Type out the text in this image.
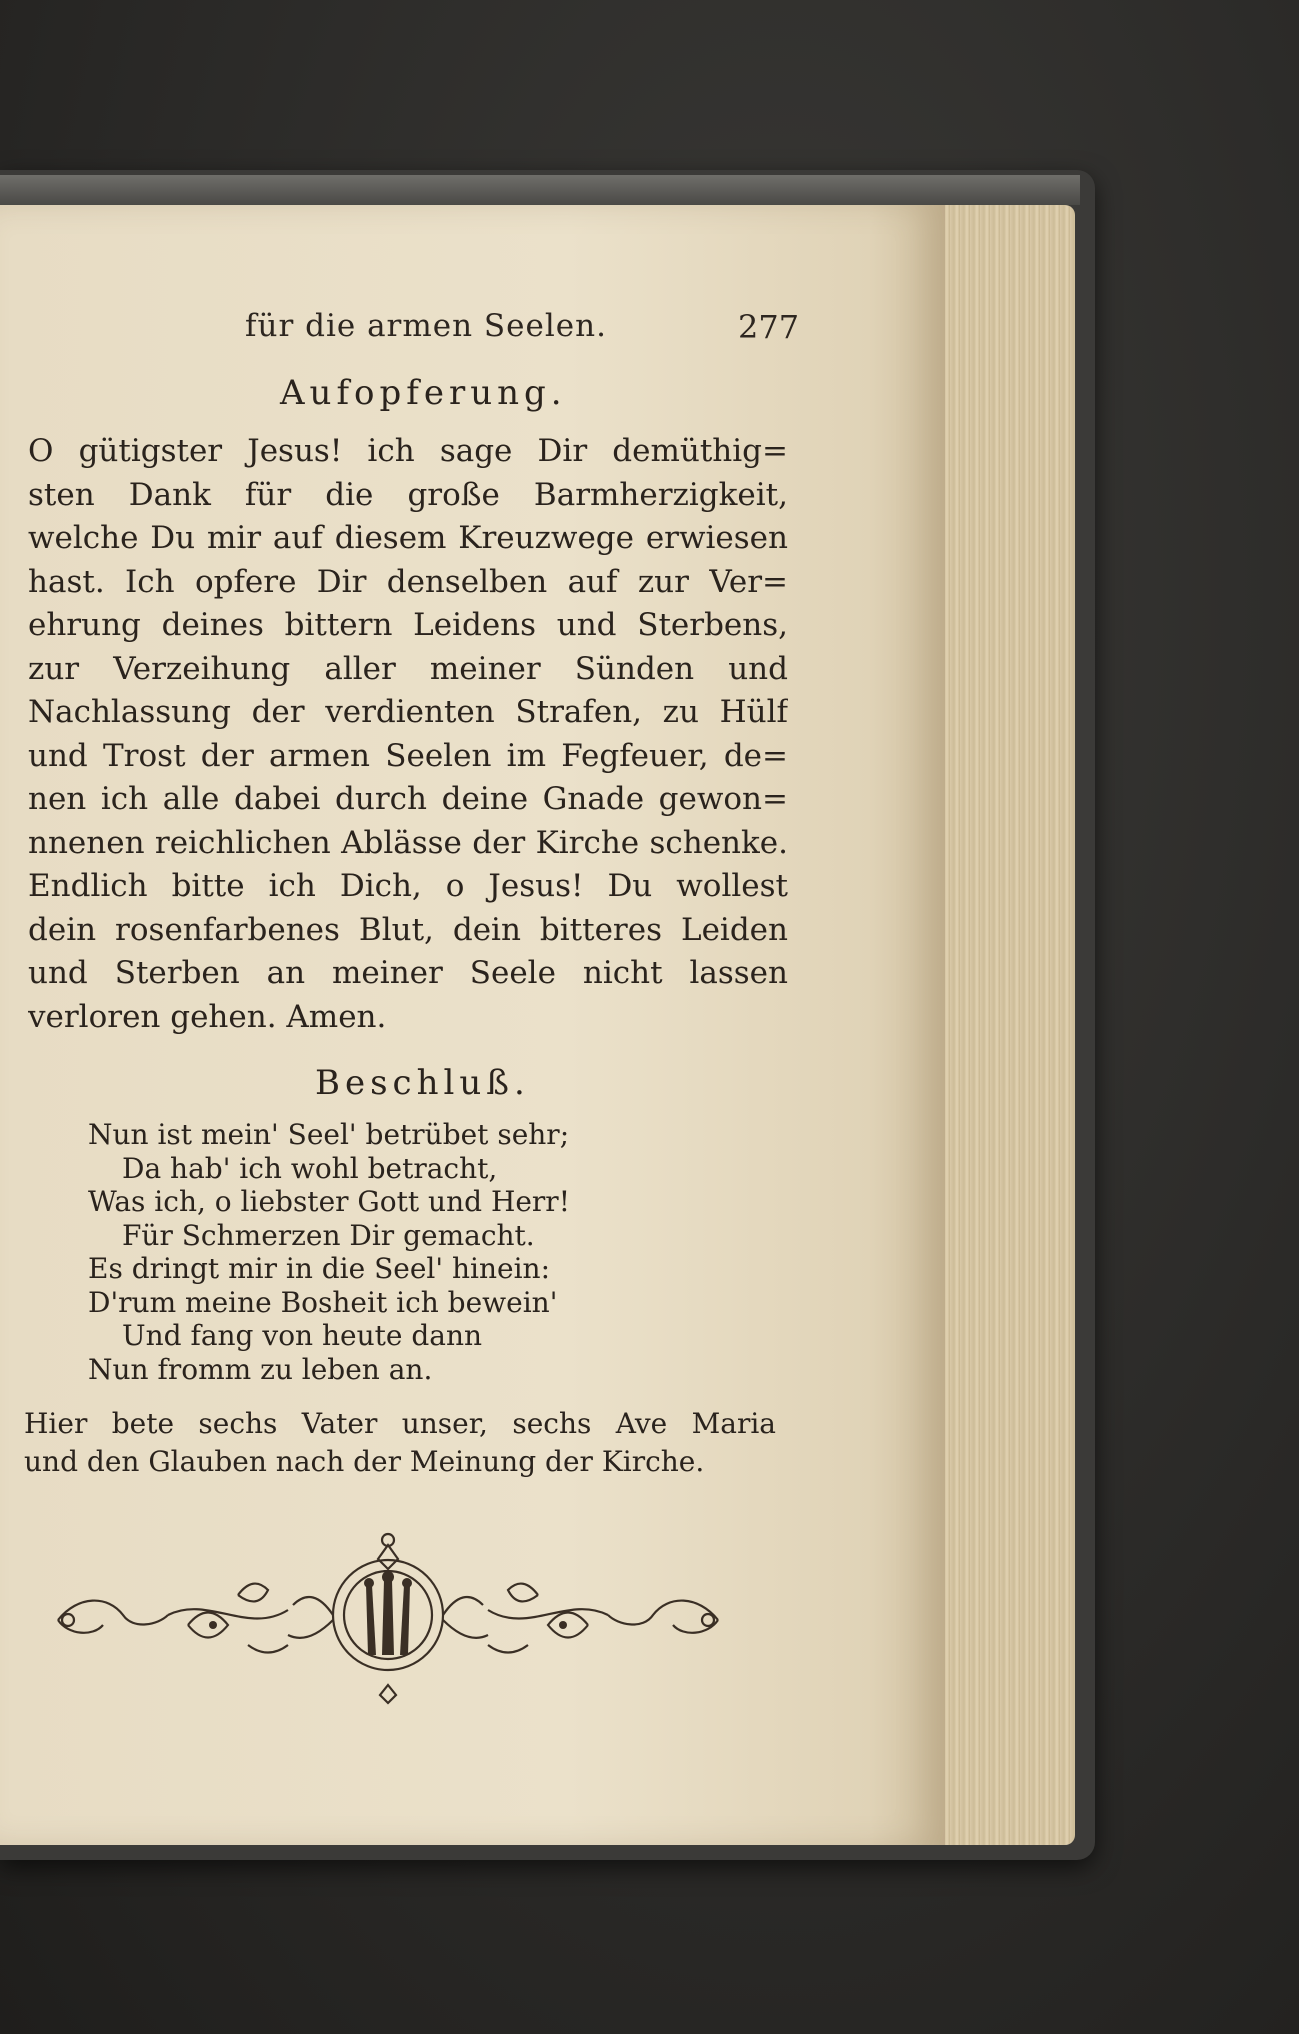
für die armen Seelen.	277
Aufopferung.
O gütigster Jesus! ich sage Dir demüthig=
sten Dank für die große Barmherzigkeit,
welche Du mir auf diesem Kreuzwege erwiesen
hast. Ich opfere Dir denselben auf zur Ver=
ehrung deines bittern Leidens und Sterbens,
zur Verzeihung aller meiner Sünden und
Nachlassung der verdienten Strafen, zu Hülf
und Trost der armen Seelen im Fegfeuer, de=
nen ich alle dabei durch deine Gnade gewon=
nnenen reichlichen Ablässe der Kirche schenke.
Endlich bitte ich Dich, o Jesus! Du wollest
dein rosenfarbenes Blut, dein bitteres Leiden
und Sterben an meiner Seele nicht lassen
verloren gehen. Amen.
Beschluß.
Nun ist mein' Seel' betrübet sehr;
Da hab' ich wohl betracht,
Was ich, o liebster Gott und Herr!
Für Schmerzen Dir gemacht.
Es dringt mir in die Seel' hinein:
D'rum meine Bosheit ich bewein'
Und fang von heute dann
Nun fromm zu leben an.
Hier bete sechs Vater unser, sechs Ave Maria
und den Glauben nach der Meinung der Kirche.
